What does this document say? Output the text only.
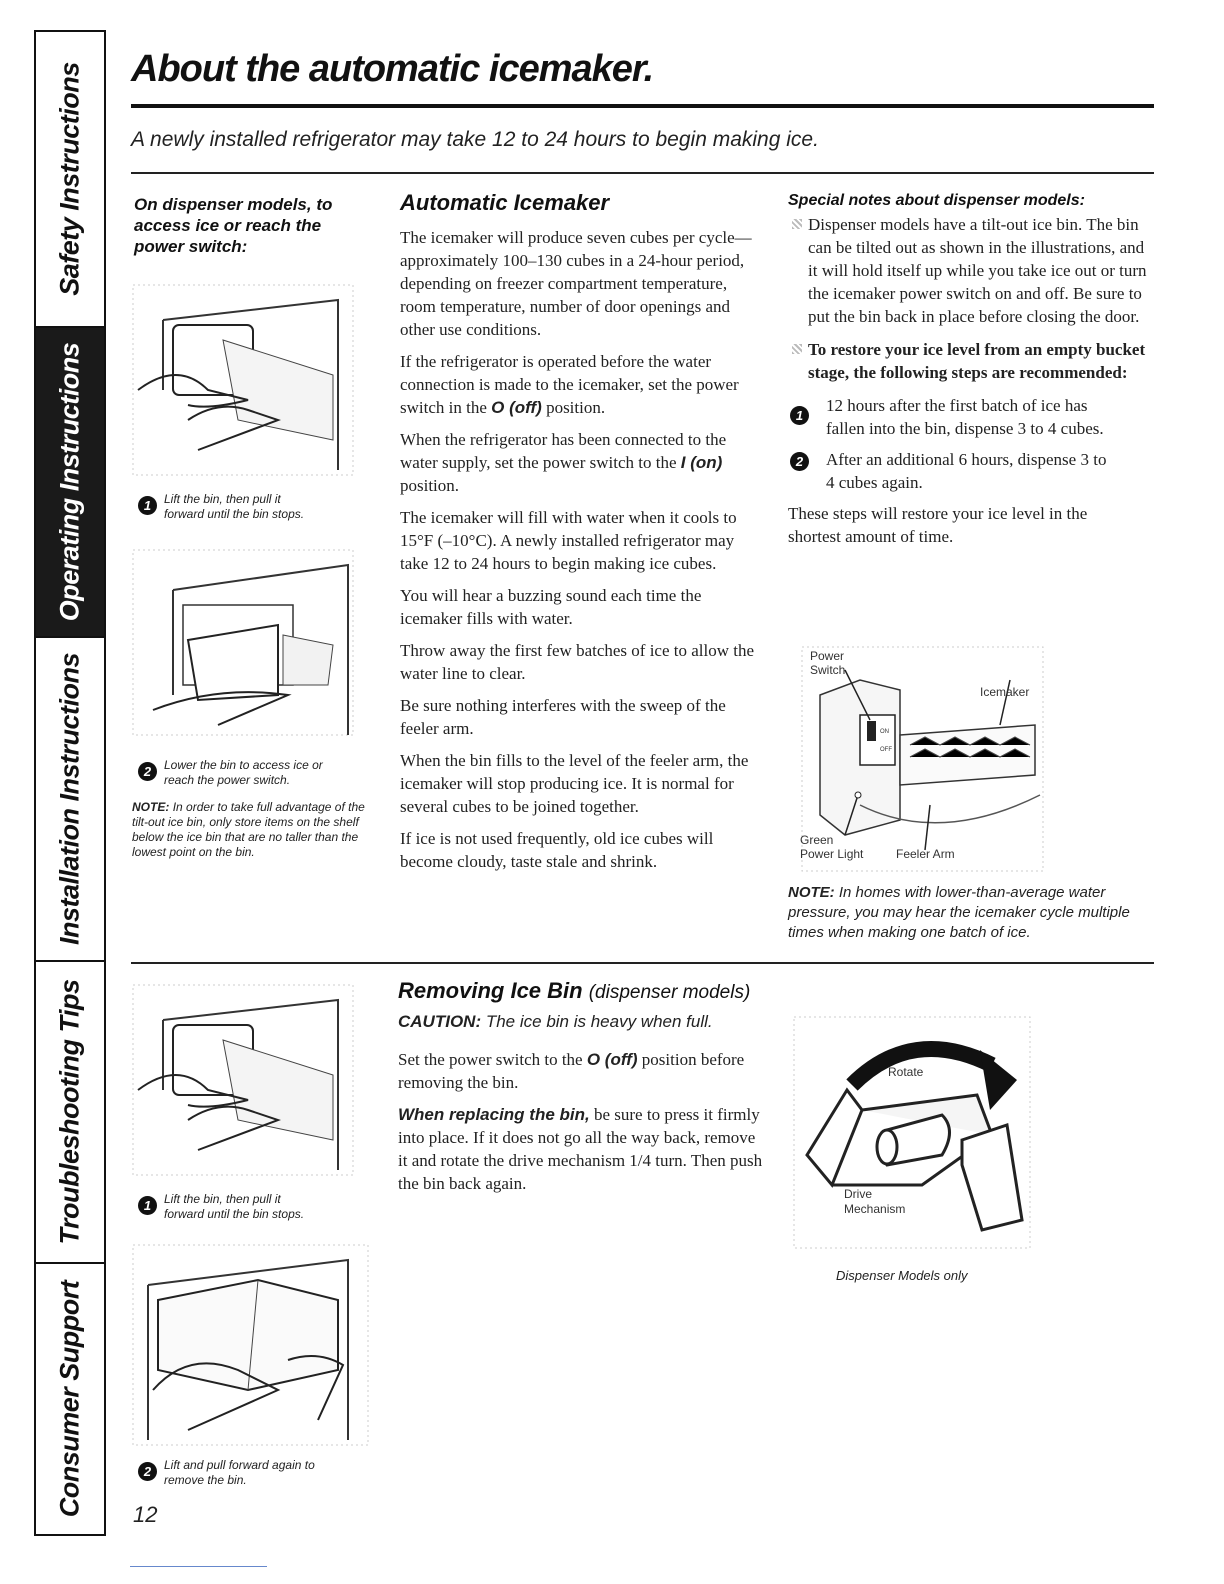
Safety Instructions
Operating Instructions
Installation Instructions
Troubleshooting Tips
Consumer Support
About the automatic icemaker.
A newly installed refrigerator may take 12 to 24 hours to begin making ice.
On dispenser models, to access ice or reach the power switch:
1	Lift the bin, then pull it forward until the bin stops.
2	Lower the bin to access ice or reach the power switch.
NOTE: In order to take full advantage of the tilt-out ice bin, only store items on the shelf below the ice bin that are no taller than the lowest point on the bin.
Automatic Icemaker

The icemaker will produce seven cubes per cycle—approximately 100–130 cubes in a 24-hour period, depending on freezer compartment temperature, room temperature, number of door openings and other use conditions.

If the refrigerator is operated before the water connection is made to the icemaker, set the power switch in the O (off) position.

When the refrigerator has been connected to the water supply, set the power switch to the I (on) position.

The icemaker will fill with water when it cools to 15°F (–10°C). A newly installed refrigerator may take 12 to 24 hours to begin making ice cubes.

You will hear a buzzing sound each time the icemaker fills with water.

Throw away the first few batches of ice to allow the water line to clear.

Be sure nothing interferes with the sweep of the feeler arm.

When the bin fills to the level of the feeler arm, the icemaker will stop producing ice. It is normal for several cubes to be joined together.

If ice is not used frequently, old ice cubes will become cloudy, taste stale and shrink.

Special notes about dispenser models:

Dispenser models have a tilt-out ice bin. The bin can be tilted out as shown in the illustrations, and it will hold itself up while you take ice out or turn the icemaker power switch on and off. Be sure to put the bin back in place before closing the door.

To restore your ice level from an empty bucket stage, the following steps are recommended:

1

12 hours after the first batch of ice has fallen into the bin, dispense 3 to 4 cubes.

2	After an additional 6 hours, dispense 3 to 4 cubes again.

These steps will restore your ice level in the shortest amount of time.

ON
OFF
Power Switch
Icemaker
Green Power Light	Feeler Arm
NOTE: In homes with lower-than-average water pressure, you may hear the icemaker cycle multiple times when making one batch of ice.
1	Lift the bin, then pull it forward until the bin stops.
2	Lift and pull forward again to remove the bin.
12
Removing Ice Bin (dispenser models)
CAUTION: The ice bin is heavy when full.

Set the power switch to the O (off) position before removing the bin.

When replacing the bin, be sure to press it firmly into place. If it does not go all the way back, remove it and rotate the drive mechanism 1/4 turn. Then push the bin back again.

Rotate
Drive Mechanism
Dispenser Models only
